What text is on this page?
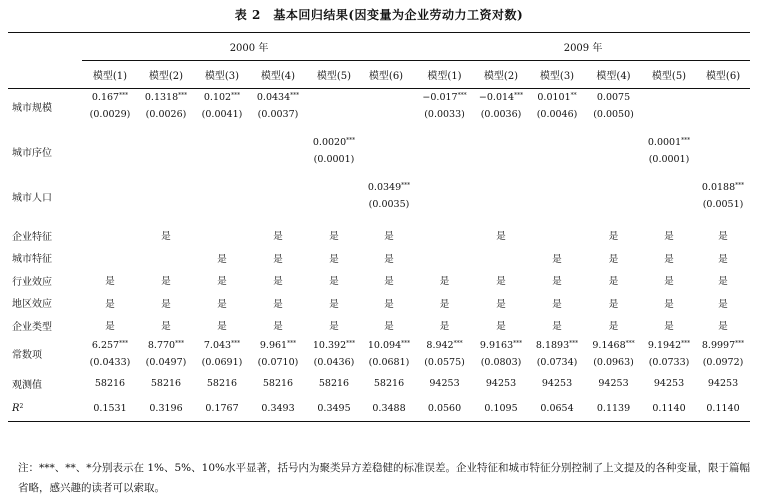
表 2　基本回归结果(因变量为企业劳动力工资对数)
	2000 年						2009 年					
	模型(1)	模型(2)	模型(3)	模型(4)	模型(5)	模型(6)	模型(1)	模型(2)	模型(3)	模型(4)	模型(5)	模型(6)
城市规模	0.167***	0.1318***	0.102***	0.0434***			−0.017***	−0.014***	0.0101**	0.0075		
	(0.0029)	(0.0026)	(0.0041)	(0.0037)			(0.0033)	(0.0036)	(0.0046)	(0.0050)		

城市序位					0.0020***						0.0001***	
					(0.0001)						(0.0001)	

城市人口						0.0349***						0.0188***
						(0.0035)						(0.0051)

企业特征		是		是	是	是		是		是	是	是
城市特征			是	是	是	是			是	是	是	是
行业效应	是	是	是	是	是	是	是	是	是	是	是	是
地区效应	是	是	是	是	是	是	是	是	是	是	是	是
企业类型	是	是	是	是	是	是	是	是	是	是	是	是
常数项	6.257***	8.770***	7.043***	9.961***	10.392***	10.094***	8.942***	9.9163***	8.1893***	9.1468***	9.1942***	8.9997***
	(0.0433)	(0.0497)	(0.0691)	(0.0710)	(0.0436)	(0.0681)	(0.0575)	(0.0803)	(0.0734)	(0.0963)	(0.0733)	(0.0972)
观测值	58216	58216	58216	58216	58216	58216	94253	94253	94253	94253	94253	94253
$R^2$	0.1531	0.3196	0.1767	0.3493	0.3495	0.3488	0.0560	0.1095	0.0654	0.1139	0.1140	0.1140
注：***、**、*分别表示在 1%、5%、10%水平显著，括号内为聚类异方差稳健的标准误差。企业特征和城市特征分别控制了上文提及的各种变量，限于篇幅省略，感兴趣的读者可以索取。
